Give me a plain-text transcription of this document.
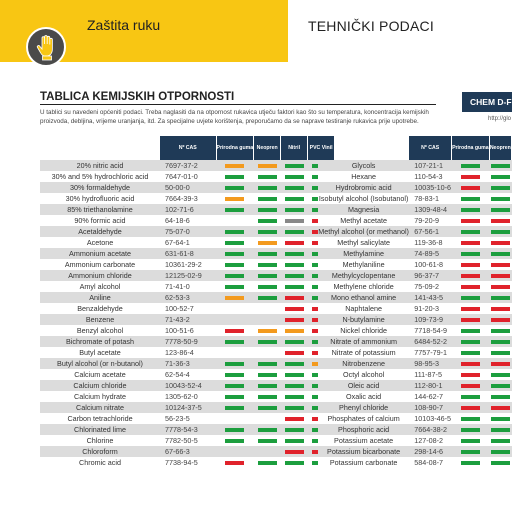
Zaštita ruku	TEHNIČKI PODACI
TABLICA KEMIJSKIH OTPORNOSTI
U tablici su navedeni općeniti podaci. Treba naglasiti da na otpornost rukavica utječu faktori kao što su temperatura, koncentracija kemijskih proizvoda, debljina, vrijeme uranjanja, itd. Za specijalne uvjete korištenja, preporučamo da se naprave testiranje rukavica prije upotrebe.
CHEM D-F
http://glo
	Nº CAS	Prirodna guma	Neopren	Nitril	PVC Vinil
20% nitric acid	7697-37-2				
30% and 5% hydrochloric acid	7647-01-0				
30% formaldehyde	50-00-0				
30% hydrofluoric acid	7664-39-3				
85% triethanolamine	102-71-6				
90% formic acid	64-18-6				
Acetaldehyde	75-07-0				
Acetone	67-64-1				
Ammonium acetate	631-61-8				
Ammonium carbonate	10361-29-2				
Ammonium chloride	12125-02-9				
Amyl alcohol	71-41-0				
Aniline	62-53-3				
Benzaldehyde	100-52-7				
Benzene	71-43-2				
Benzyl alcohol	100-51-6				
Bichromate of potash	7778-50-9				
Butyl acetate	123-86-4				
Butyl alcohol (or n-butanol)	71-36-3				
Calcium acetate	62-54-4				
Calcium chloride	10043-52-4				
Calcium hydrate	1305-62-0				
Calcium nitrate	10124-37-5				
Carbon tetrachloride	56-23-5				
Chlorinated lime	7778-54-3				
Chlorine	7782-50-5				
Chloroform	67-66-3				
Chromic acid	7738-94-5				
	Nº CAS	Prirodna guma	Neopren
Glycols	107-21-1		
Hexane	110-54-3		
Hydrobromic acid	10035-10-6		
Isobutyl alcohol (Isobutanol)	78-83-1		
Magnesia	1309-48-4		
Methyl acetate	79-20-9		
Methyl alcohol (or methanol)	67-56-1		
Methyl salicylate	119-36-8		
Methylamine	74-89-5		
Methylaniline	100-61-8		
Methylcyclopentane	96-37-7		
Methylene chloride	75-09-2		
Mono ethanol amine	141-43-5		
Naphtalene	91-20-3		
N-butylamine	109-73-9		
Nickel chloride	7718-54-9		
Nitrate of ammonium	6484-52-2		
Nitrate of potassium	7757-79-1		
Nitrobenzene	98-95-3		
Octyl alcohol	111-87-5		
Oleic acid	112-80-1		
Oxalic acid	144-62-7		
Phenyl chloride	108-90-7		
Phosphates of calcium	10103-46-5		
Phosphoric acid	7664-38-2		
Potassium acetate	127-08-2		
Potassium bicarbonate	298-14-6		
Potassium carbonate	584-08-7		
